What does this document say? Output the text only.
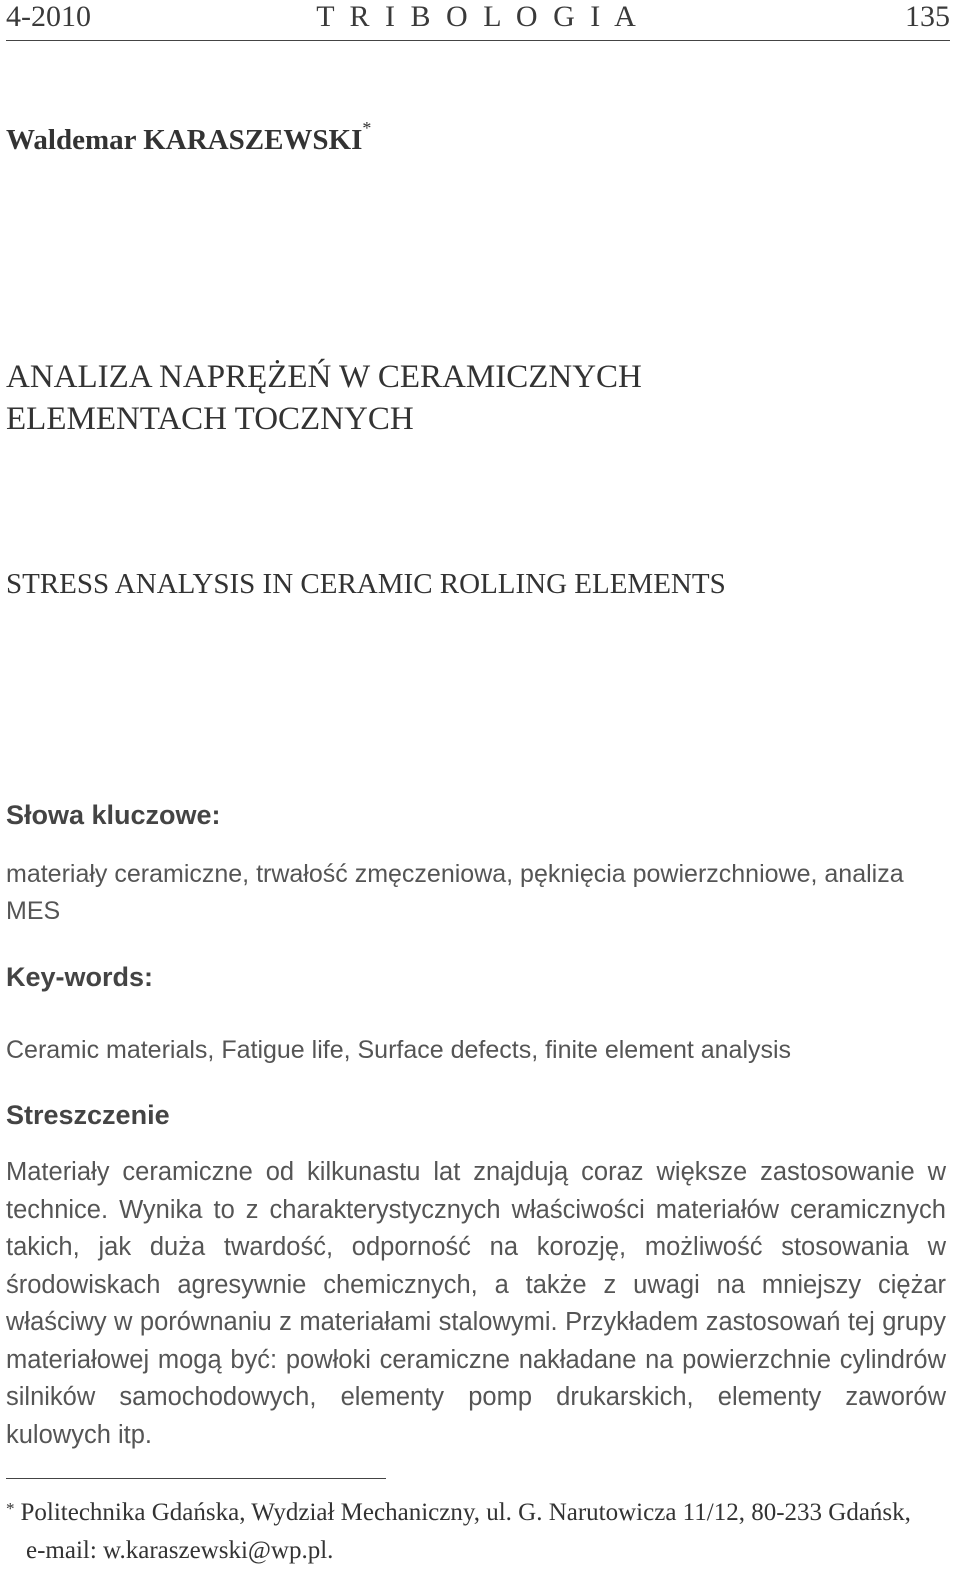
4-2010	T R I B O L O G I A	135
Waldemar KARASZEWSKI*
ANALIZA NAPRĘŻEŃ W CERAMICZNYCH
ELEMENTACH TOCZNYCH
STRESS ANALYSIS IN CERAMIC ROLLING ELEMENTS
Słowa kluczowe:
materiały ceramiczne, trwałość zmęczeniowa, pęknięcia powierzchniowe, analiza MES
Key-words:
Ceramic materials, Fatigue life, Surface defects, finite element analysis
Streszczenie
Materiały ceramiczne od kilkunastu lat znajdują coraz większe zastosowanie w technice. Wynika to z charakterystycznych właściwości materiałów ceramicznych takich, jak duża twardość, odporność na korozję, możliwość stosowania w środowiskach agresywnie chemicznych, a także z uwagi na mniejszy ciężar właściwy w porównaniu z materiałami stalowymi. Przykładem zastosowań tej grupy materiałowej mogą być: powłoki ceramiczne nakładane na powierzchnie cylindrów silników samochodowych, elementy pomp drukarskich, elementy zaworów kulowych itp.
* Politechnika Gdańska, Wydział Mechaniczny, ul. G. Narutowicza 11/12, 80-233 Gdańsk,
e-mail: w.karaszewski@wp.pl.
